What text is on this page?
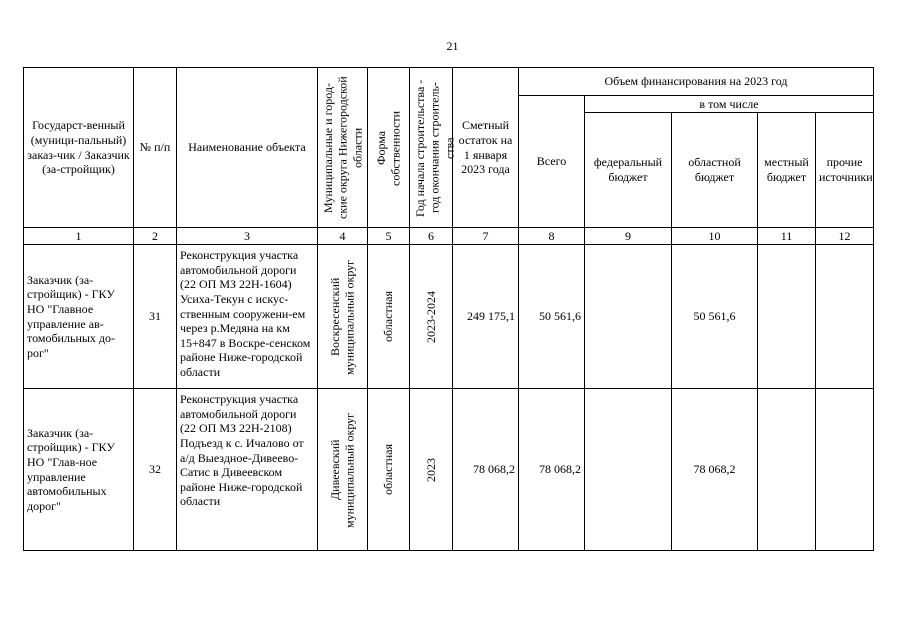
21
Государст-венный (муници-пальный) заказ-чик / Заказчик (за-стройщик)	№ п/п	Наименование объекта	Муниципальные и город-ские округа Нижегородской области	Форма собственности	Год начала строительства - год окончания строитель-ства	Сметный остаток на 1 января 2023 года	Объем финансирования на 2023 год				
							Всего	в том числе			
								федеральный бюджет	областной бюджет	местный бюджет	прочие источники
1	2	3	4	5	6	7	8	9	10	11	12
Заказчик (за-стройщик) - ГКУ НО "Главное управление ав-томобильных до-рог"	31	Реконструкция участка автомобильной дороги (22 ОП МЗ 22Н-1604) Усиха-Текун с искус-ственным сооружени-ем через р.Медяна на км 15+847 в Воскре-сенском районе Ниже-городской области	Воскресенский муниципальный округ	областная	2023-2024	249 175,1	50 561,6		50 561,6		
Заказчик (за-стройщик) - ГКУ НО "Глав-ное управление автомобильных дорог"	32	Реконструкция участка автомобильной дороги (22 ОП МЗ 22Н-2108) Подъезд к с. Ичалово от а/д Выездное-Дивеево-Сатис в Дивеевском районе Ниже-городской области	Дивеевский муниципальный округ	областная	2023	78 068,2	78 068,2		78 068,2		
